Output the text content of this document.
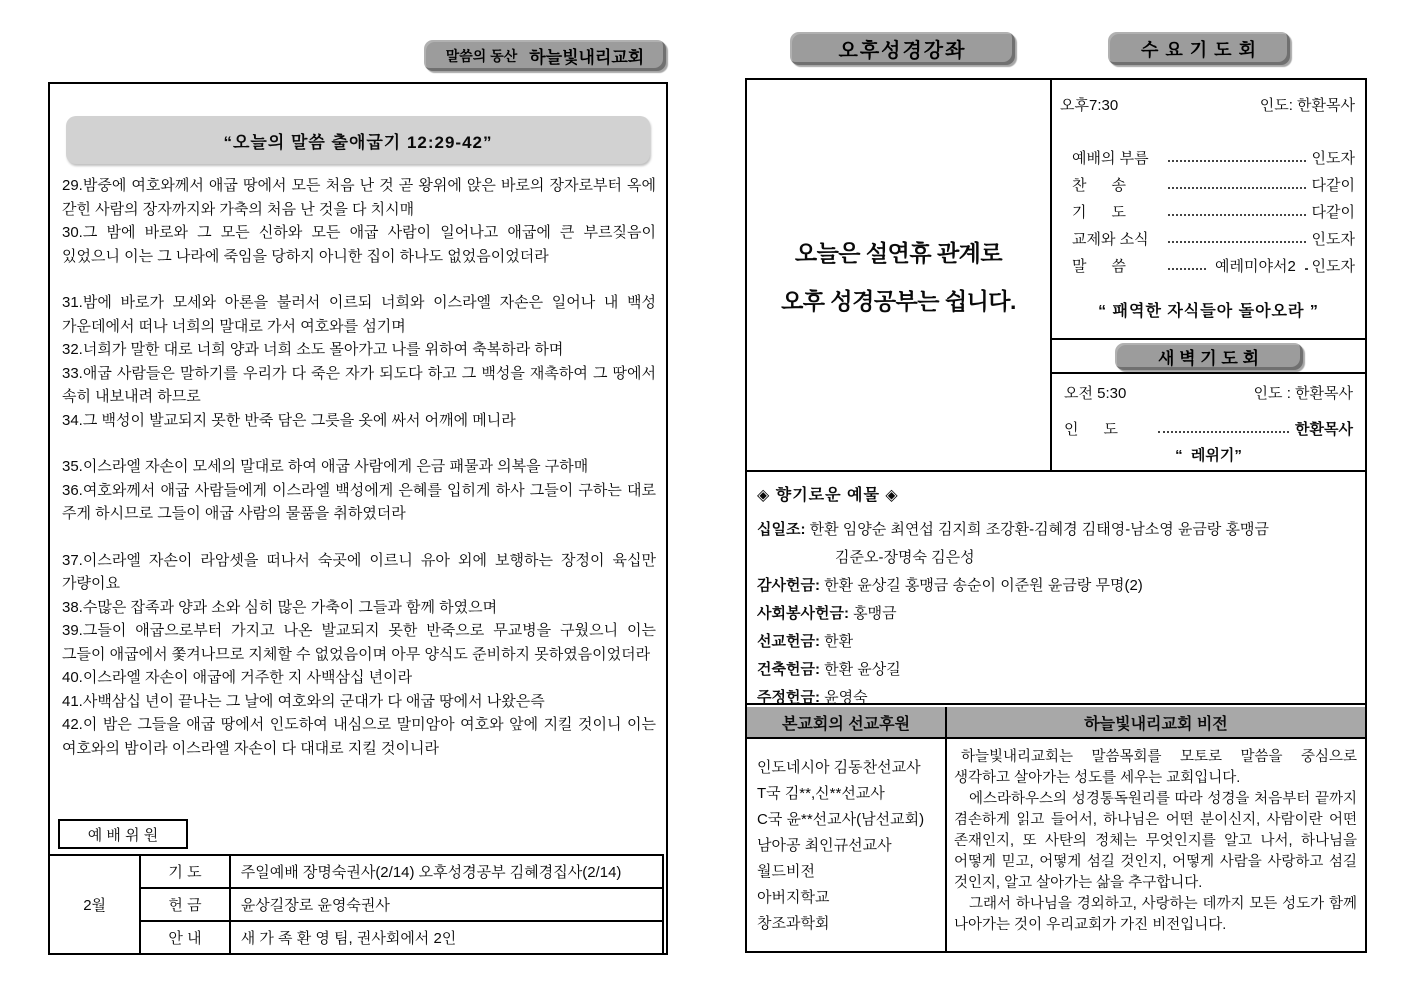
말씀의 동산 하늘빛내리교회	오후성경강좌	수 요 기 도 회
“오늘의 말씀 출애굽기 12:29-42”

29.밤중에 여호와께서 애굽 땅에서 모든 처음 난 것 곧 왕위에 앉은 바로의 장자로부터 옥에 갇힌 사람의 장자까지와 가축의 처음 난 것을 다 치시매

30.그 밤에 바로와 그 모든 신하와 모든 애굽 사람이 일어나고 애굽에 큰 부르짖음이 있었으니 이는 그 나라에 죽임을 당하지 아니한 집이 하나도 없었음이었더라

31.밤에 바로가 모세와 아론을 불러서 이르되 너희와 이스라엘 자손은 일어나 내 백성 가운데에서 떠나 너희의 말대로 가서 여호와를 섬기며

32.너희가 말한 대로 너희 양과 너희 소도 몰아가고 나를 위하여 축복하라 하며

33.애굽 사람들은 말하기를 우리가 다 죽은 자가 되도다 하고 그 백성을 재촉하여 그 땅에서 속히 내보내려 하므로

34.그 백성이 발교되지 못한 반죽 담은 그릇을 옷에 싸서 어깨에 메니라

35.이스라엘 자손이 모세의 말대로 하여 애굽 사람에게 은금 패물과 의복을 구하매

36.여호와께서 애굽 사람들에게 이스라엘 백성에게 은혜를 입히게 하사 그들이 구하는 대로 주게 하시므로 그들이 애굽 사람의 물품을 취하였더라

37.이스라엘 자손이 라암셋을 떠나서 숙곳에 이르니 유아 외에 보행하는 장정이 육십만 가량이요

38.수많은 잡족과 양과 소와 심히 많은 가축이 그들과 함께 하였으며

39.그들이 애굽으로부터 가지고 나온 발교되지 못한 반죽으로 무교병을 구웠으니 이는 그들이 애굽에서 쫓겨나므로 지체할 수 없었음이며 아무 양식도 준비하지 못하였음이었더라

40.이스라엘 자손이 애굽에 거주한 지 사백삼십 년이라

41.사백삼십 년이 끝나는 그 날에 여호와의 군대가 다 애굽 땅에서 나왔은즉

42.이 밤은 그들을 애굽 땅에서 인도하여 내심으로 말미암아 여호와 앞에 지킬 것이니 이는 여호와의 밤이라 이스라엘 자손이 다 대대로 지킬 것이니라

예 배 위 원
2월	기 도	주일예배 장명숙권사(2/14) 오후성경공부 김혜경집사(2/14)
	헌 금	윤상길장로 윤영숙권사
	안 내	새 가 족 환 영 팀, 권사회에서 2인
오늘은 설연휴 관계로
오후 성경공부는 쉽니다.
오후7:30	인도: 한환목사
예배의 부름	인도자
찬      송	다같이
기      도	다같이
교제와 소식	인도자
말      씀	예레미야서2 인도자
“ 패역한 자식들아 돌아오라 ”
새 벽 기 도 회
오전 5:30	인도 : 한환목사
인      도	한환목사
“  레위기”
◈ 향기로운 예물 ◈
십일조: 한환 임양순 최연섭 김지희 조강환-김혜경 김태영-남소영 윤금랑 홍맹금
김준오-장명숙 김은성
감사헌금: 한환 윤상길 홍맹금 송순이 이준원 윤금랑 무명(2)
사회봉사헌금: 홍맹금
선교헌금: 한환
건축헌금: 한환 윤상길
주정헌금: 윤영숙
본교회의 선교후원	하늘빛내리교회 비전
인도네시아 김동찬선교사
T국 김**,신**선교사
C국 윤**선교사(남선교회)
남아공 최인규선교사
월드비전
아버지학교
창조과학회

하늘빛내리교회는 말씀목회를 모토로 말씀을 중심으로 생각하고 살아가는 성도를 세우는 교회입니다.

에스라하우스의 성경통독원리를 따라 성경을 처음부터 끝까지 겸손하게 읽고 들어서, 하나님은 어떤 분이신지, 사람이란 어떤 존재인지, 또 사탄의 정체는 무엇인지를 알고 나서, 하나님을 어떻게 믿고, 어떻게 섬길 것인지, 어떻게 사람을 사랑하고 섬길 것인지, 알고 살아가는 삶을 추구합니다.

그래서 하나님을 경외하고, 사랑하는 데까지 모든 성도가 함께 나아가는 것이 우리교회가 가진 비전입니다.
